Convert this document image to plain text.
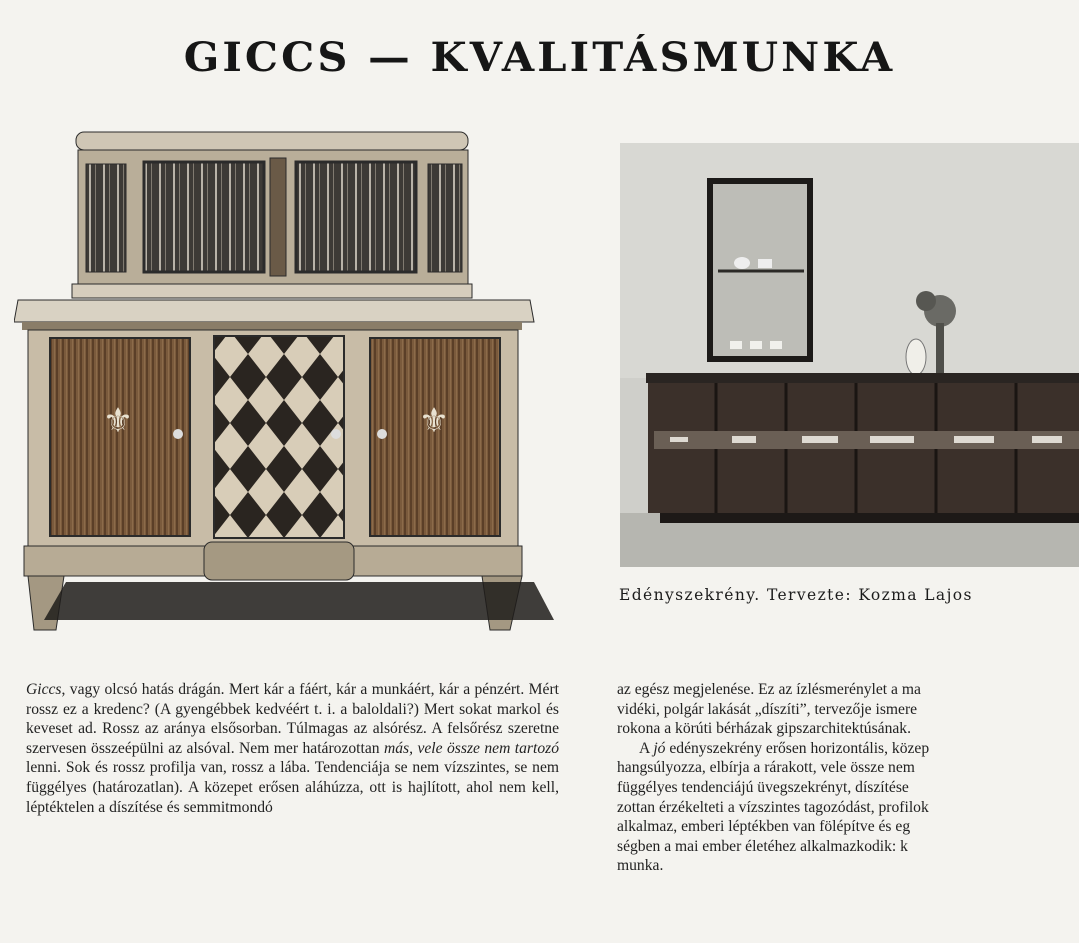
GICCS — KVALITÁSMUNKA
⚜	⚜
Edényszekrény. Tervezte: Kozma Lajos

Giccs, vagy olcsó hatás drágán. Mert kár a fáért, kár a munkáért, kár a pénzért. Mért rossz ez a kredenc? (A gyengébbek kedvéért t. i. a baloldali?) Mert sokat markol és keveset ad. Rossz az aránya elsősorban. Túlmagas az alsórész. A felsőrész szeretne szervesen összeépülni az alsóval. Nem mer határozottan más, vele össze nem tartozó lenni. Sok és rossz profilja van, rossz a lába. Tendenciája se nem vízszintes, se nem függélyes (határozatlan). A közepet erősen aláhúzza, ott is hajlított, ahol nem kell, léptéktelen a díszítése és semmitmondó

az egész megjelenése. Ez az ízlésmerénylet a ma
vidéki, polgár lakását „díszíti”, tervezője ismere
rokona a körúti bérházak gipszarchitektúsának.
A jó edényszekrény erősen horizontális, közep
hangsúlyozza, elbírja a rárakott, vele össze nem
függélyes tendenciájú üvegszekrényt, díszítése
zottan érzékelteti a vízszintes tagozódást, profilok
alkalmaz, emberi léptékben van fölépítve és eg
ségben a mai ember életéhez alkalmazkodik: k
munka.
